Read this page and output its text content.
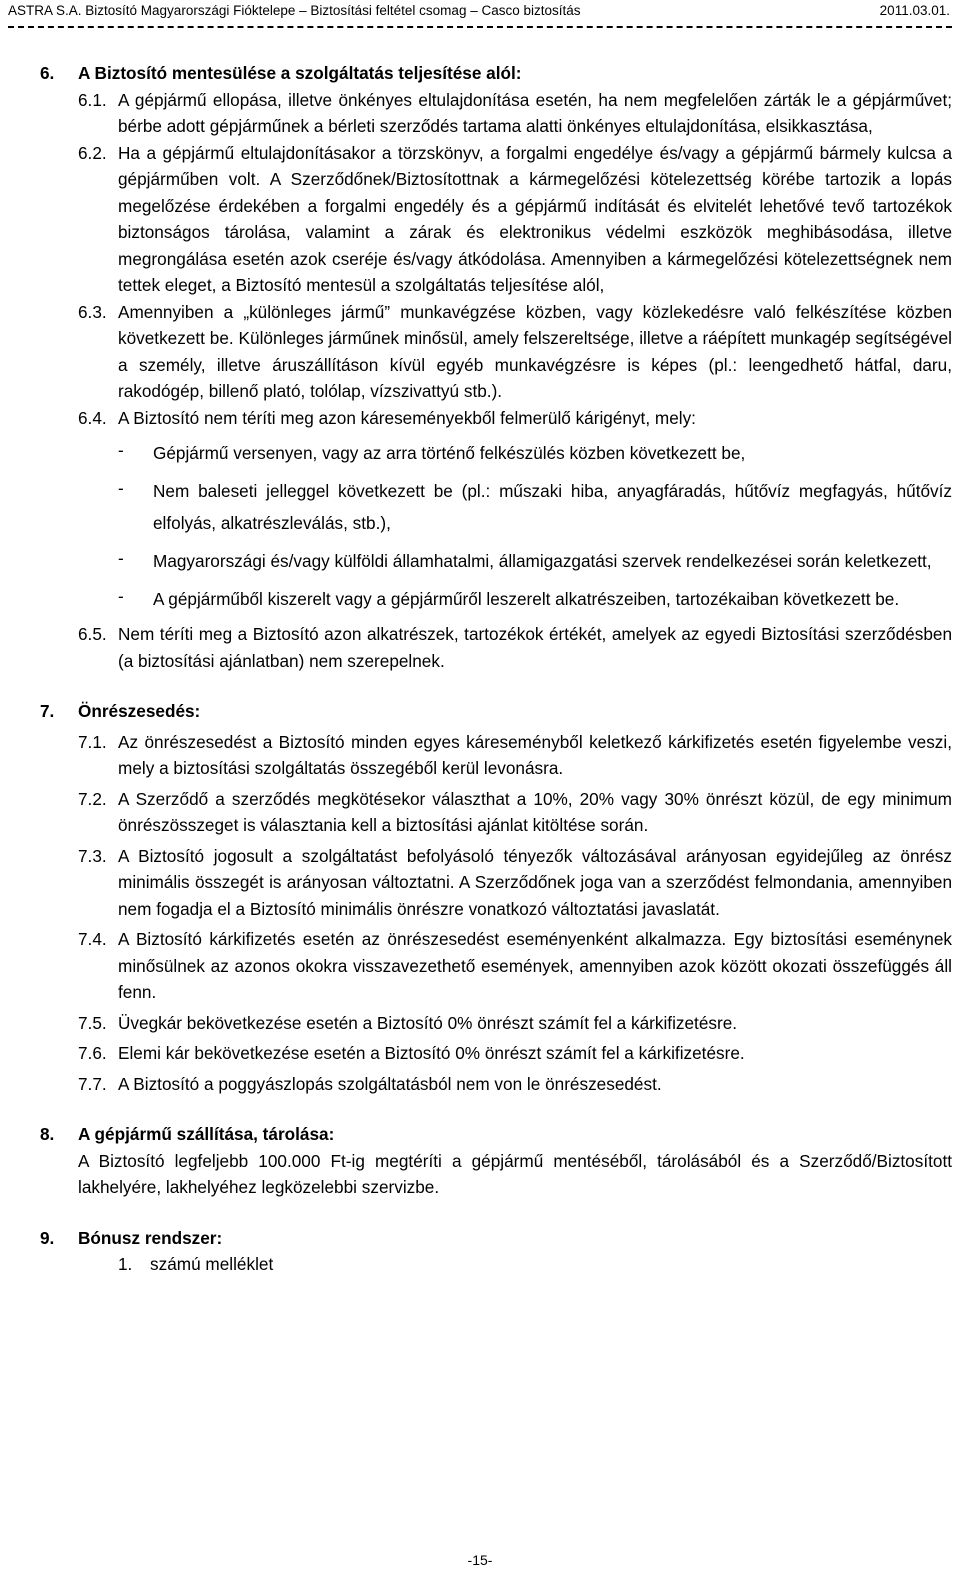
ASTRA S.A. Biztosító Magyarországi Fióktelepe – Biztosítási feltétel csomag – Casco biztosítás	2011.03.01.
6.	A Biztosító mentesülése a szolgáltatás teljesítése alól:
6.1. A gépjármű ellopása, illetve önkényes eltulajdonítása esetén, ha nem megfelelően zárták le a gépjárművet; bérbe adott gépjárműnek a bérleti szerződés tartama alatti önkényes eltulajdonítása, elsikkasztása,
6.2. Ha a gépjármű eltulajdonításakor a törzskönyv, a forgalmi engedélye és/vagy a gépjármű bármely kulcsa a gépjárműben volt. A Szerződőnek/Biztosítottnak a kármegelőzési kötelezettség körébe tartozik a lopás megelőzése érdekében a forgalmi engedély és a gépjármű indítását és elvitelét lehetővé tevő tartozékok biztonságos tárolása, valamint a zárak és elektronikus védelmi eszközök meghibásodása, illetve megrongálása esetén azok cseréje és/vagy átkódolása. Amennyiben a kármegelőzési kötelezettségnek nem tettek eleget, a Biztosító mentesül a szolgáltatás teljesítése alól,
6.3. Amennyiben a „különleges jármű” munkavégzése közben, vagy közlekedésre való felkészítése közben következett be. Különleges járműnek minősül, amely felszereltsége, illetve a ráépített munkagép segítségével a személy, illetve áruszállításon kívül egyéb munkavégzésre is képes (pl.: leengedhető hátfal, daru, rakodógép, billenő plató, tolólap, vízszivattyú stb.).
6.4. A Biztosító nem téríti meg azon káreseményekből felmerülő kárigényt, mely:
-	Gépjármű versenyen, vagy az arra történő felkészülés közben következett be,
-	Nem baleseti jelleggel következett be (pl.: műszaki hiba, anyagfáradás, hűtővíz megfagyás, hűtővíz elfolyás, alkatrészleválás, stb.),
-	Magyarországi és/vagy külföldi államhatalmi, államigazgatási szervek rendelkezései során keletkezett,
-	A gépjárműből kiszerelt vagy a gépjárműről leszerelt alkatrészeiben, tartozékaiban következett be.
6.5. Nem téríti meg a Biztosító azon alkatrészek, tartozékok értékét, amelyek az egyedi Biztosítási szerződésben (a biztosítási ajánlatban) nem szerepelnek.
7.	Önrészesedés:
7.1. Az önrészesedést a Biztosító minden egyes káreseményből keletkező kárkifizetés esetén figyelembe veszi, mely a biztosítási szolgáltatás összegéből kerül levonásra.
7.2. A Szerződő a szerződés megkötésekor választhat a 10%, 20% vagy 30% önrészt közül, de egy minimum önrészösszeget is választania kell a biztosítási ajánlat kitöltése során.
7.3. A Biztosító jogosult a szolgáltatást befolyásoló tényezők változásával arányosan egyidejűleg az önrész minimális összegét is arányosan változtatni. A Szerződőnek joga van a szerződést felmondania, amennyiben nem fogadja el a Biztosító minimális önrészre vonatkozó változtatási javaslatát.
7.4. A Biztosító kárkifizetés esetén az önrészesedést eseményenként alkalmazza. Egy biztosítási eseménynek minősülnek az azonos okokra visszavezethető események, amennyiben azok között okozati összefüggés áll fenn.
7.5. Üvegkár bekövetkezése esetén a Biztosító 0% önrészt számít fel a kárkifizetésre.
7.6. Elemi kár bekövetkezése esetén a Biztosító 0% önrészt számít fel a kárkifizetésre.
7.7. A Biztosító a poggyászlopás szolgáltatásból nem von le önrészesedést.
8.	A gépjármű szállítása, tárolása:
A Biztosító legfeljebb 100.000 Ft-ig megtéríti a gépjármű mentéséből, tárolásából és a Szerződő/Biztosított lakhelyére, lakhelyéhez legközelebbi szervizbe.
9.	Bónusz rendszer:
1.	számú melléklet
-15-
